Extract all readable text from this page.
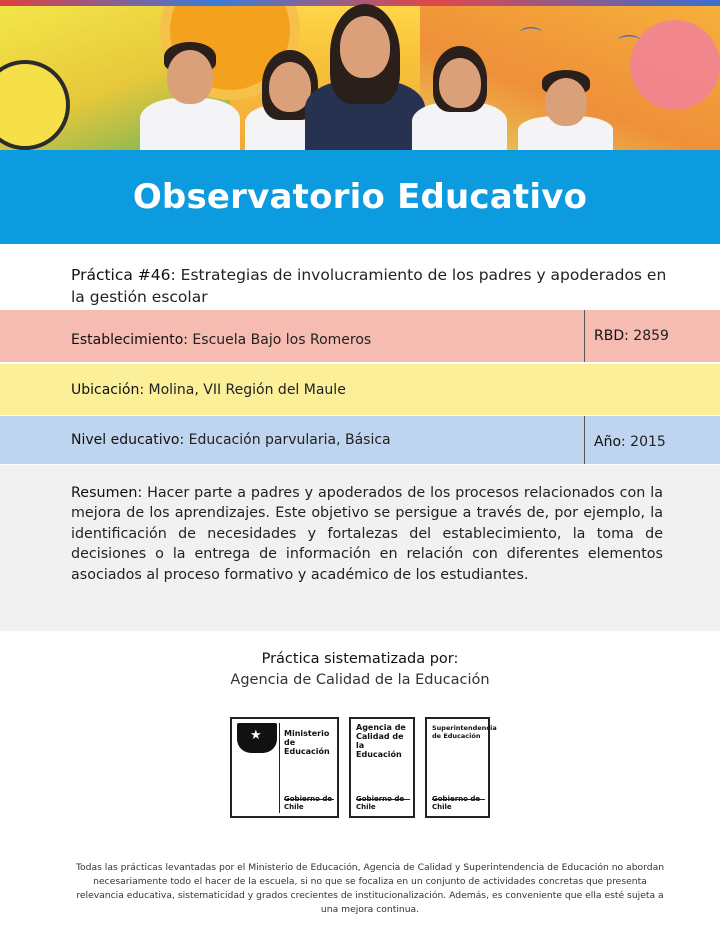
⌒	⌒
Observatorio Educativo
Práctica #46: Estrategias de involucramiento de los padres y apoderados en la gestión escolar
Establecimiento: Escuela Bajo los Romeros	RBD: 2859
Ubicación: Molina, VII Región del Maule
Nivel educativo: Educación parvularia, Básica	Año : 2015
Resumen: Hacer parte a padres y apoderados de los procesos relacionados con la mejora de los aprendizajes. Este objetivo se persigue a través de, por ejemplo, la identificación de necesidades y fortalezas del establecimiento, la toma de decisiones o la entrega de información en relación con diferentes elementos asociados al proceso formativo y académico de los estudiantes.
Práctica sistematizada por:
Agencia de Calidad de la Educación
★	Ministerio de
Educación
Gobierno de Chile
Agencia de
Calidad de la
Educación
Gobierno de Chile
Superintendencia
de Educación
Gobierno de Chile
Todas las prácticas levantadas por el Ministerio de Educación, Agencia de Calidad y Superintendencia de Educación no abordan necesariamente todo el hacer de la escuela, si no que se focaliza en un conjunto de actividades concretas que presenta relevancia educativa, sistematicidad y grados crecientes de institucionalización. Además, es conveniente que ella esté sujeta a una mejora continua.
